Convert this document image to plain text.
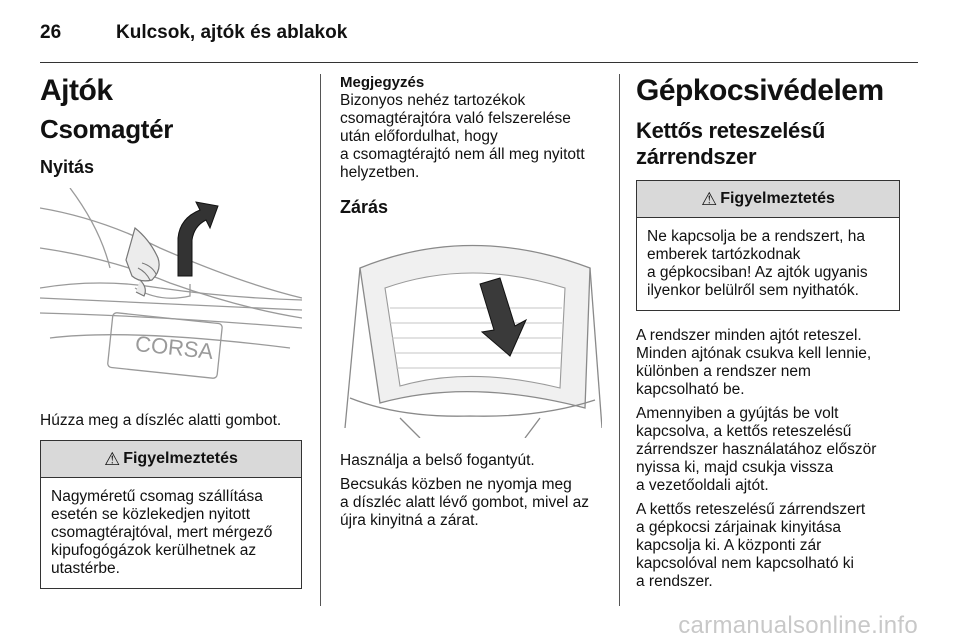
26	Kulcsok, ajtók és ablakok
Ajtók
Csomagtér
Nyitás
CORSA

Húzza meg a díszléc alatti gombot.

⚠ Figyelmeztetés
Nagyméretű csomag szállítása
esetén se közlekedjen nyitott
csomagtérajtóval, mert mérgező
kipufogógázok kerülhetnek az
utastérbe.
Megjegyzés
Bizonyos nehéz tartozékok
csomagtérajtóra való felszerelése
után előfordulhat, hogy
a csomagtérajtó nem áll meg nyitott
helyzetben.
Zárás

Használja a belső fogantyút.

Becsukás közben ne nyomja meg
a díszléc alatt lévő gombot, mivel az
újra kinyitná a zárat.

Gépkocsivédelem
Kettős reteszelésű
zárrendszer
⚠ Figyelmeztetés
Ne kapcsolja be a rendszert, ha
emberek tartózkodnak
a gépkocsiban! Az ajtók ugyanis
ilyenkor belülről sem nyithatók.

A rendszer minden ajtót reteszel.
Minden ajtónak csukva kell lennie,
különben a rendszer nem
kapcsolható be.

Amennyiben a gyújtás be volt
kapcsolva, a kettős reteszelésű
zárrendszer használatához először
nyissa ki, majd csukja vissza
a vezetőoldali ajtót.

A kettős reteszelésű zárrendszert
a gépkocsi zárjainak kinyitása
kapcsolja ki. A központi zár
kapcsolóval nem kapcsolható ki
a rendszer.

carmanualsonline.info
